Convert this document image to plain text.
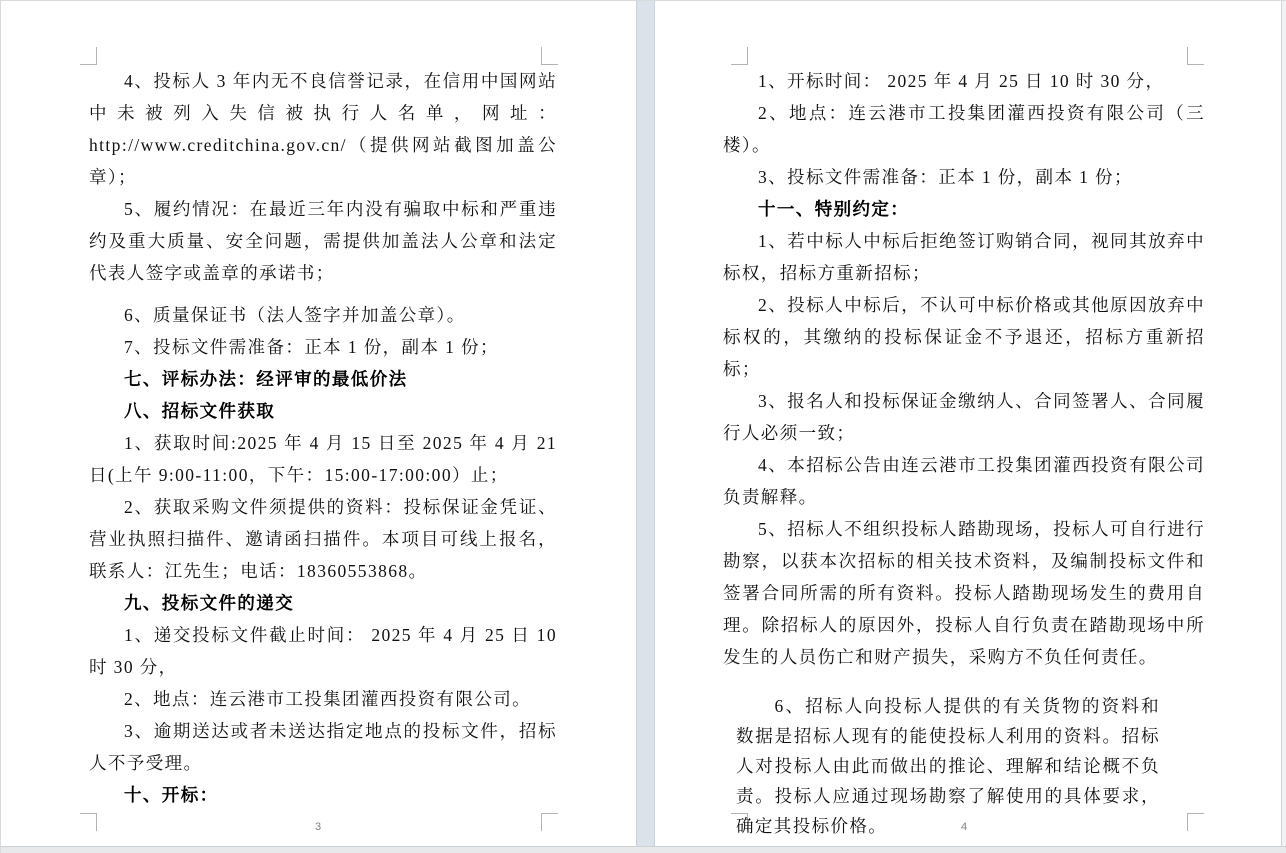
4、投标人 3 年内无不良信誉记录，在信用中国网站中未被列入失信被执行人名单，网址：http://www.creditchina.gov.cn/（提供网站截图加盖公章）；

5、履约情况：在最近三年内没有骗取中标和严重违约及重大质量、安全问题，需提供加盖法人公章和法定代表人签字或盖章的承诺书；

6、质量保证书（法人签字并加盖公章）。

7、投标文件需准备：正本 1 份，副本 1 份；

七、评标办法：经评审的最低价法

八、招标文件获取

1、获取时间:2025 年 4 月 15 日至 2025 年 4 月 21 日(上午 9:00-11:00，下午：15:00-17:00:00）止；

2、获取采购文件须提供的资料：投标保证金凭证、营业执照扫描件、邀请函扫描件。本项目可线上报名，联系人：江先生；电话：18360553868。

九、投标文件的递交

1、递交投标文件截止时间： 2025 年 4 月 25 日 10 时 30 分，

2、地点：连云港市工投集团灌西投资有限公司。

3、逾期送达或者未送达指定地点的投标文件，招标人不予受理。

十、开标：

1、开标时间： 2025 年 4 月 25 日 10 时 30 分，

2、地点：连云港市工投集团灌西投资有限公司（三楼）。

3、投标文件需准备：正本 1 份，副本 1 份；

十一、特别约定：

1、若中标人中标后拒绝签订购销合同，视同其放弃中标权，招标方重新招标；

2、投标人中标后，不认可中标价格或其他原因放弃中标权的，其缴纳的投标保证金不予退还，招标方重新招标；

3、报名人和投标保证金缴纳人、合同签署人、合同履行人必须一致；

4、本招标公告由连云港市工投集团灌西投资有限公司负责解释。

5、招标人不组织投标人踏勘现场，投标人可自行进行勘察，以获本次招标的相关技术资料，及编制投标文件和签署合同所需的所有资料。投标人踏勘现场发生的费用自理。除招标人的原因外，投标人自行负责在踏勘现场中所发生的人员伤亡和财产损失，采购方不负任何责任。

6、招标人向投标人提供的有关货物的资料和数据是招标人现有的能使投标人利用的资料。招标人对投标人由此而做出的推论、理解和结论概不负责。投标人应通过现场勘察了解使用的具体要求，确定其投标价格。

3	4
